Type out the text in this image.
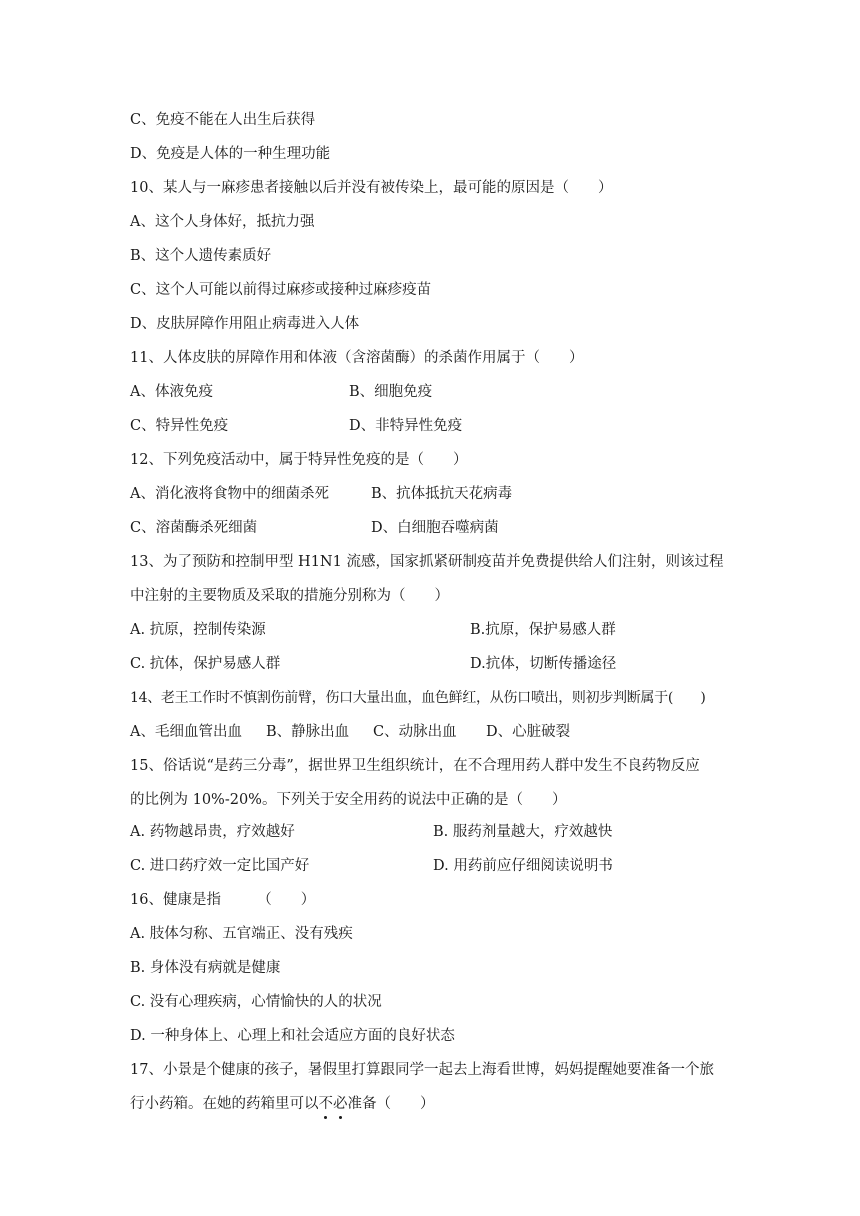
C、免疫不能在人出生后获得
D、免疫是人体的一种生理功能
10、某人与一麻疹患者接触以后并没有被传染上，最可能的原因是（　　）
A、这个人身体好，抵抗力强
B、这个人遗传素质好
C、这个人可能以前得过麻疹或接种过麻疹疫苗
D、皮肤屏障作用阻止病毒进入人体
11、人体皮肤的屏障作用和体液（含溶菌酶）的杀菌作用属于（　　）
A、体液免疫	B、细胞免疫
C、特异性免疫	D、非特异性免疫
12、下列免疫活动中，属于特异性免疫的是（　　）
A、消化液将食物中的细菌杀死	B、抗体抵抗天花病毒
C、溶菌酶杀死细菌	D、白细胞吞噬病菌
13、为了预防和控制甲型 H1N1 流感，国家抓紧研制疫苗并免费提供给人们注射，则该过程
中注射的主要物质及采取的措施分别称为（　　）
A. 抗原，控制传染源	B.抗原，保护易感人群
C. 抗体，保护易感人群	D.抗体，切断传播途径
14、老王工作时不慎割伤前臂，伤口大量出血，血色鲜红，从伤口喷出，则初步判断属于(　　)
A、毛细血管出血 B、静脉出血 C、动脉出血 D、心脏破裂
15、俗话说“是药三分毒”，据世界卫生组织统计，在不合理用药人群中发生不良药物反应
的比例为 10%-20%。下列关于安全用药的说法中正确的是（　　）
A. 药物越昂贵，疗效越好	B. 服药剂量越大，疗效越快
C. 进口药疗效一定比国产好	D. 用药前应仔细阅读说明书
16、健康是指　　　（　　）
A. 肢体匀称、五官端正、没有残疾
B. 身体没有病就是健康
C. 没有心理疾病，心情愉快的人的状况
D. 一种身体上、心理上和社会适应方面的良好状态
17、小景是个健康的孩子，暑假里打算跟同学一起去上海看世博，妈妈提醒她要准备一个旅
行小药箱。在她的药箱里可以不必
准备（　　）
